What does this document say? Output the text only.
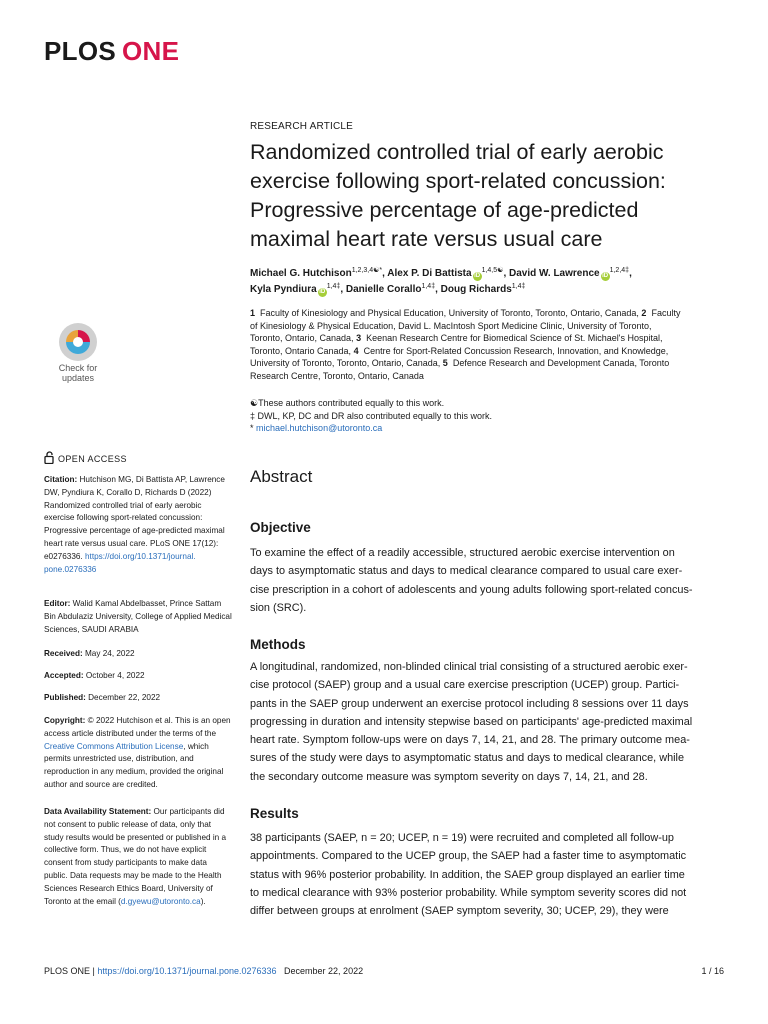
PLOS ONE
Check for
updates
RESEARCH ARTICLE
Randomized controlled trial of early aerobic
exercise following sport-related concussion:
Progressive percentage of age-predicted
maximal heart rate versus usual care
Michael G. Hutchison$^{1,2,3,4☯*}$, Alex P. Di Battista $iD^{1,4,5☯}$, David W. Lawrence $iD^{1,2,4\ddagger}$,
Kyla Pyndiura $iD^{1,4\ddagger}$, Danielle Corallo$^{1,4\ddagger}$, Doug Richards$^{1,4\ddagger}$
1 Faculty of Kinesiology and Physical Education, University of Toronto, Toronto, Ontario, Canada, 2 Faculty
of Kinesiology & Physical Education, David L. MacIntosh Sport Medicine Clinic, University of Toronto,
Toronto, Ontario, Canada, 3 Keenan Research Centre for Biomedical Science of St. Michael's Hospital,
Toronto, Ontario Canada, 4 Centre for Sport-Related Concussion Research, Innovation, and Knowledge,
University of Toronto, Toronto, Ontario, Canada, 5 Defence Research and Development Canada, Toronto
Research Centre, Toronto, Ontario, Canada
☯These authors contributed equally to this work.
‡ DWL, KP, DC and DR also contributed equally to this work.
* michael.hutchison@utoronto.ca
OPEN ACCESS
Citation: Hutchison MG, Di Battista AP, Lawrence
DW, Pyndiura K, Corallo D, Richards D (2022)
Randomized controlled trial of early aerobic
exercise following sport-related concussion:
Progressive percentage of age-predicted maximal
heart rate versus usual care. PLoS ONE 17(12):
e0276336. https://doi.org/10.1371/journal.
pone.0276336
Editor: Walid Kamal Abdelbasset, Prince Sattam
Bin Abdulaziz University, College of Applied Medical
Sciences, SAUDI ARABIA
Received: May 24, 2022
Accepted: October 4, 2022
Published: December 22, 2022
Copyright: © 2022 Hutchison et al. This is an open
access article distributed under the terms of the
Creative Commons Attribution License, which
permits unrestricted use, distribution, and
reproduction in any medium, provided the original
author and source are credited.
Data Availability Statement: Our participants did
not consent to public release of data, only that
study results would be presented or published in a
collective form. Thus, we do not have explicit
consent from study participants to make data
public. Data requests may be made to the Health
Sciences Research Ethics Board, University of
Toronto at the email (d.gyewu@utoronto.ca).
Abstract
Objective
To examine the effect of a readily accessible, structured aerobic exercise intervention on
days to asymptomatic status and days to medical clearance compared to usual care exer-
cise prescription in a cohort of adolescents and young adults following sport-related concus-
sion (SRC).
Methods
A longitudinal, randomized, non-blinded clinical trial consisting of a structured aerobic exer-
cise protocol (SAEP) group and a usual care exercise prescription (UCEP) group. Partici-
pants in the SAEP group underwent an exercise protocol including 8 sessions over 11 days
progressing in duration and intensity stepwise based on participants' age-predicted maximal
heart rate. Symptom follow-ups were on days 7, 14, 21, and 28. The primary outcome mea-
sures of the study were days to asymptomatic status and days to medical clearance, while
the secondary outcome measure was symptom severity on days 7, 14, 21, and 28.
Results
38 participants (SAEP, n = 20; UCEP, n = 19) were recruited and completed all follow-up
appointments. Compared to the UCEP group, the SAEP had a faster time to asymptomatic
status with 96% posterior probability. In addition, the SAEP group displayed an earlier time
to medical clearance with 93% posterior probability. While symptom severity scores did not
differ between groups at enrolment (SAEP symptom severity, 30; UCEP, 29), they were
PLOS ONE | https://doi.org/10.1371/journal.pone.0276336 December 22, 2022	1 / 16
